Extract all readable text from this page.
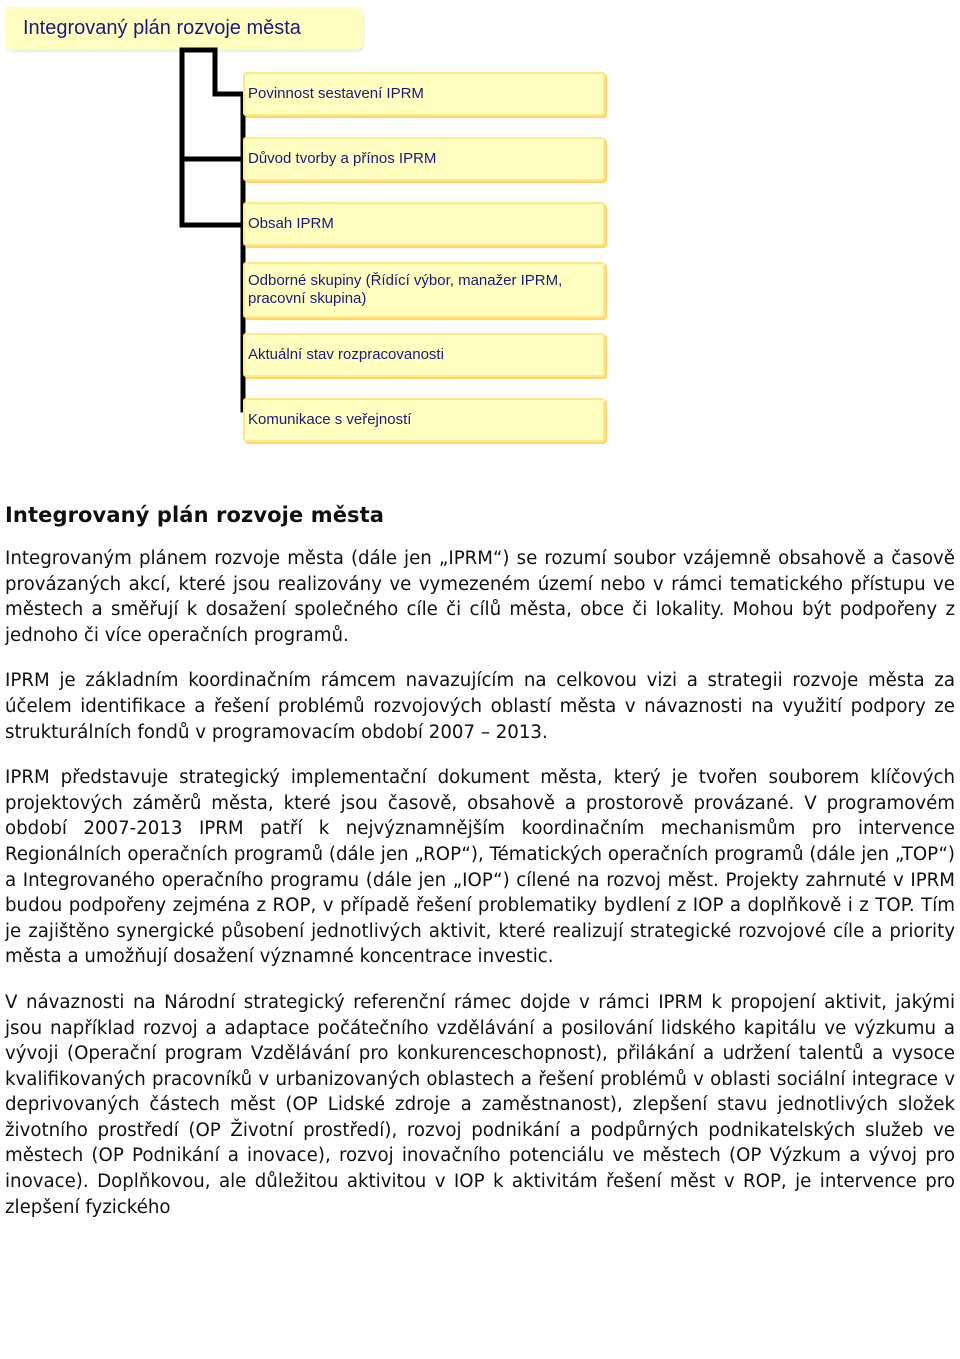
Integrovaný plán rozvoje města
Povinnost sestavení IPRM
Důvod tvorby a přínos IPRM
Obsah IPRM
Odborné skupiny (Řídící výbor, manažer IPRM, pracovní skupina)
Aktuální stav rozpracovanosti
Komunikace s veřejností
Integrovaný plán rozvoje města

Integrovaným plánem rozvoje města (dále jen „IPRM“) se rozumí soubor vzájemně obsahově a časově provázaných akcí, které jsou realizovány ve vymezeném území nebo v rámci tematického přístupu ve městech a směřují k dosažení společného cíle či cílů města, obce či lokality. Mohou být podpořeny z jednoho či více operačních programů.

IPRM je základním koordinačním rámcem navazujícím na celkovou vizi a strategii rozvoje města za účelem identifikace a řešení problémů rozvojových oblastí města v návaznosti na využití podpory ze strukturálních fondů v programovacím období 2007 – 2013.

IPRM představuje strategický implementační dokument města, který je tvořen souborem klíčových projektových záměrů města, které jsou časově, obsahově a prostorově provázané. V programovém období 2007-2013 IPRM patří k nejvýznamnějším koordinačním mechanismům pro intervence Regionálních operačních programů (dále jen „ROP“), Tématických operačních programů (dále jen „TOP“) a Integrovaného operačního programu (dále jen „IOP“) cílené na rozvoj měst. Projekty zahrnuté v IPRM budou podpořeny zejména z ROP, v případě řešení problematiky bydlení z IOP a doplňkově i z TOP. Tím je zajištěno synergické působení jednotlivých aktivit, které realizují strategické rozvojové cíle a priority města a umožňují dosažení významné koncentrace investic.

V návaznosti na Národní strategický referenční rámec dojde v rámci IPRM k propojení aktivit, jakými jsou například rozvoj a adaptace počátečního vzdělávání a posilování lidského kapitálu ve výzkumu a vývoji (Operační program Vzdělávání pro konkurenceschopnost), přilákání a udržení talentů a vysoce kvalifikovaných pracovníků v urbanizovaných oblastech a řešení problémů v oblasti sociální integrace v deprivovaných částech měst (OP Lidské zdroje a zaměstnanost), zlepšení stavu jednotlivých složek životního prostředí (OP Životní prostředí), rozvoj podnikání a podpůrných podnikatelských služeb ve městech (OP Podnikání a inovace), rozvoj inovačního potenciálu ve městech (OP Výzkum a vývoj pro inovace). Doplňkovou, ale důležitou aktivitou v IOP k aktivitám řešení měst v ROP, je intervence pro zlepšení fyzického
